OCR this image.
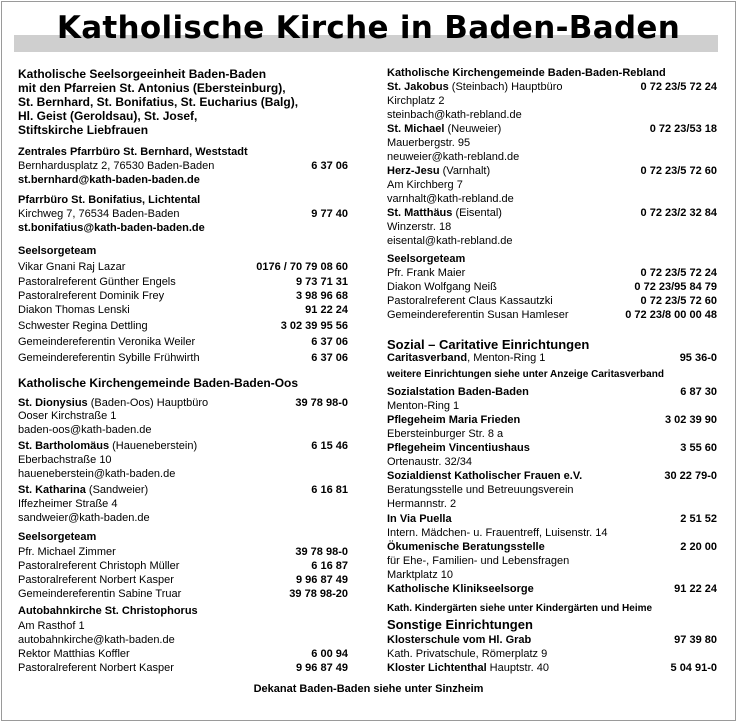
Katholische Kirche in Baden-Baden
Katholische Seelsorgeeinheit Baden-Baden
mit den Pfarreien St. Antonius (Ebersteinburg),
St. Bernhard, St. Bonifatius, St. Eucharius (Balg),
Hl. Geist (Geroldsau), St. Josef,
Stiftskirche Liebfrauen
Zentrales Pfarrbüro St. Bernhard, Weststadt
Bernhardusplatz 2, 76530 Baden-Baden	6 37 06
st.bernhard@kath-baden-baden.de
Pfarrbüro St. Bonifatius, Lichtental
Kirchweg 7, 76534 Baden-Baden	9 77 40
st.bonifatius@kath-baden-baden.de
Seelsorgeteam
Vikar Gnani Raj Lazar	0176 / 70 79 08 60
Pastoralreferent Günther Engels	9 73 71 31
Pastoralreferent Dominik Frey	3 98 96 68
Diakon Thomas Lenski	91 22 24
Schwester Regina Dettling	3 02 39 95 56
Gemeindereferentin Veronika Weiler	6 37 06
Gemeindereferentin Sybille Frühwirth	6 37 06
Katholische Kirchengemeinde Baden-Baden-Oos
St. Dionysius (Baden-Oos) Hauptbüro	39 78 98-0
Ooser Kirchstraße 1
baden-oos@kath-baden.de
St. Bartholomäus (Haueneberstein)	6 15 46
Eberbachstraße 10
haueneberstein@kath-baden.de
St. Katharina (Sandweier)	6 16 81
Iffezheimer Straße 4
sandweier@kath-baden.de
Seelsorgeteam
Pfr. Michael Zimmer	39 78 98-0
Pastoralreferent Christoph Müller	6 16 87
Pastoralreferent Norbert Kasper	9 96 87 49
Gemeindereferentin Sabine Truar	39 78 98-20
Autobahnkirche St. Christophorus
Am Rasthof 1
autobahnkirche@kath-baden.de
Rektor Matthias Koffler	6 00 94
Pastoralreferent Norbert Kasper	9 96 87 49
Katholische Kirchengemeinde Baden-Baden-Rebland
St. Jakobus (Steinbach) Hauptbüro	0 72 23/5 72 24
Kirchplatz 2
steinbach@kath-rebland.de
St. Michael (Neuweier)	0 72 23/53 18
Mauerbergstr. 95
neuweier@kath-rebland.de
Herz-Jesu (Varnhalt)	0 72 23/5 72 60
Am Kirchberg 7
varnhalt@kath-rebland.de
St. Matthäus (Eisental)	0 72 23/2 32 84
Winzerstr. 18
eisental@kath-rebland.de
Seelsorgeteam
Pfr. Frank Maier	0 72 23/5 72 24
Diakon Wolfgang Neiß	0 72 23/95 84 79
Pastoralreferent Claus Kassautzki	0 72 23/5 72 60
Gemeindereferentin Susan Hamleser	0 72 23/8 00 00 48
Sozial – Caritative Einrichtungen
Caritasverband, Menton-Ring 1	95 36-0
weitere Einrichtungen siehe unter Anzeige Caritasverband
Sozialstation Baden-Baden	6 87 30
Menton-Ring 1
Pflegeheim Maria Frieden	3 02 39 90
Ebersteinburger Str. 8 a
Pflegeheim Vincentiushaus	3 55 60
Ortenaustr. 32/34
Sozialdienst Katholischer Frauen e.V.	30 22 79-0
Beratungsstelle und Betreuungsverein
Hermannstr. 2
In Via Puella	2 51 52
Intern. Mädchen- u. Frauentreff, Luisenstr. 14
Ökumenische Beratungsstelle	2 20 00
für Ehe-, Familien- und Lebensfragen
Marktplatz 10
Katholische Klinikseelsorge	91 22 24
Kath. Kindergärten siehe unter Kindergärten und Heime
Sonstige Einrichtungen
Klosterschule vom Hl. Grab	97 39 80
Kath. Privatschule, Römerplatz 9
Kloster Lichtenthal Hauptstr. 40	5 04 91-0
Dekanat Baden-Baden siehe unter Sinzheim
